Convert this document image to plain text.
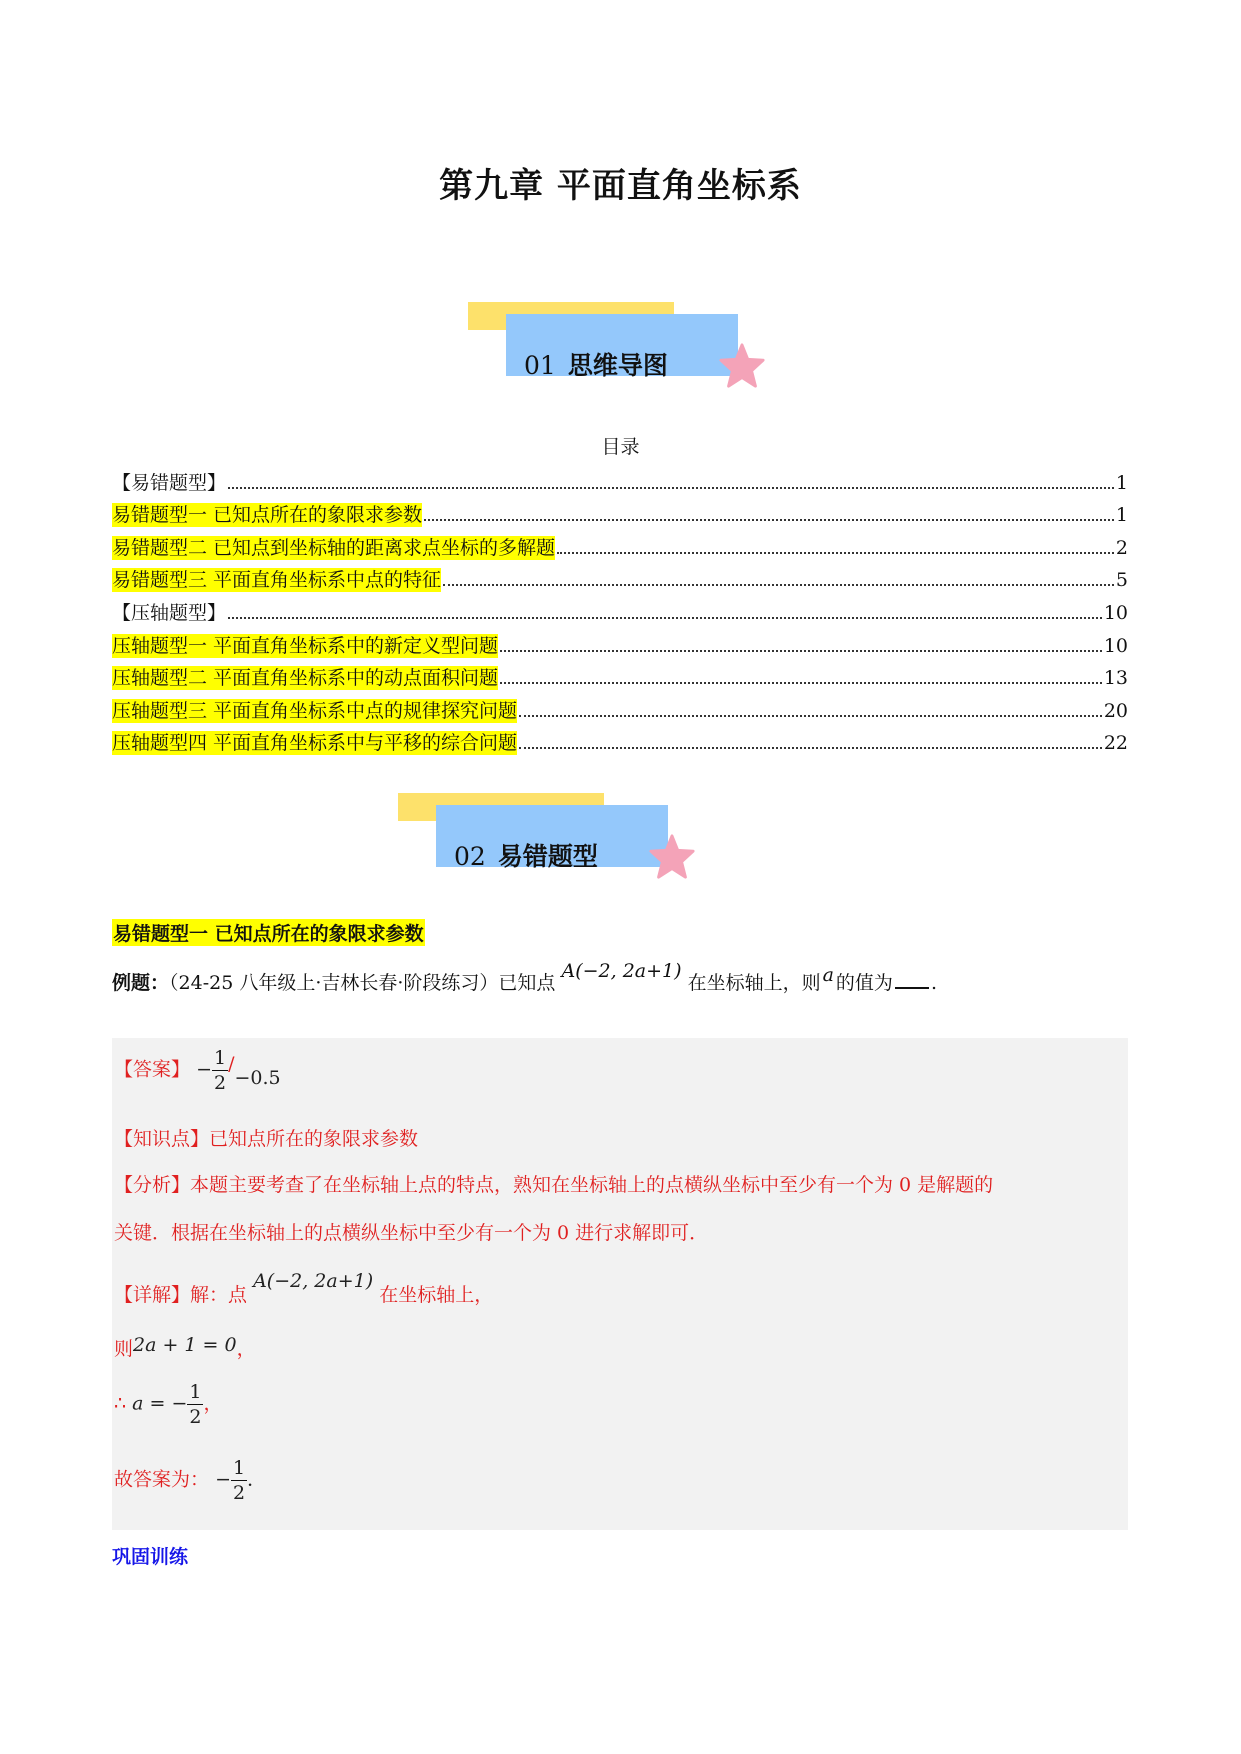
第九章 平面直角坐标系
01 思维导图
目录
【易错题型】	1
易错题型一 已知点所在的象限求参数	1
易错题型二 已知点到坐标轴的距离求点坐标的多解题	2
易错题型三 平面直角坐标系中点的特征	5
【压轴题型】	10
压轴题型一 平面直角坐标系中的新定义型问题	10
压轴题型二 平面直角坐标系中的动点面积问题	13
压轴题型三 平面直角坐标系中点的规律探究问题	20
压轴题型四 平面直角坐标系中与平移的综合问题	22
02 易错题型
易错题型一 已知点所在的象限求参数
例题：（24-25 八年级上·吉林长春·阶段练习）已知点 A(−2, 2a+1) 在坐标轴上，则 a 的值为 .
【答案】 − $\frac{1}{2} /-0.5$
【知识点】已知点所在的象限求参数
【分析】本题主要考查了在坐标轴上点的特点，熟知在坐标轴上的点横纵坐标中至少有一个为 0 是解题的
关键．根据在坐标轴上的点横纵坐标中至少有一个为 0 进行求解即可．
【详解】解：点 A(−2, 2a+1) 在坐标轴上，
则2a + 1 = 0，
∴ a = − $\frac{1}{2}$ ，
故答案为： − $\frac{1}{2}$ ．
巩固训练
